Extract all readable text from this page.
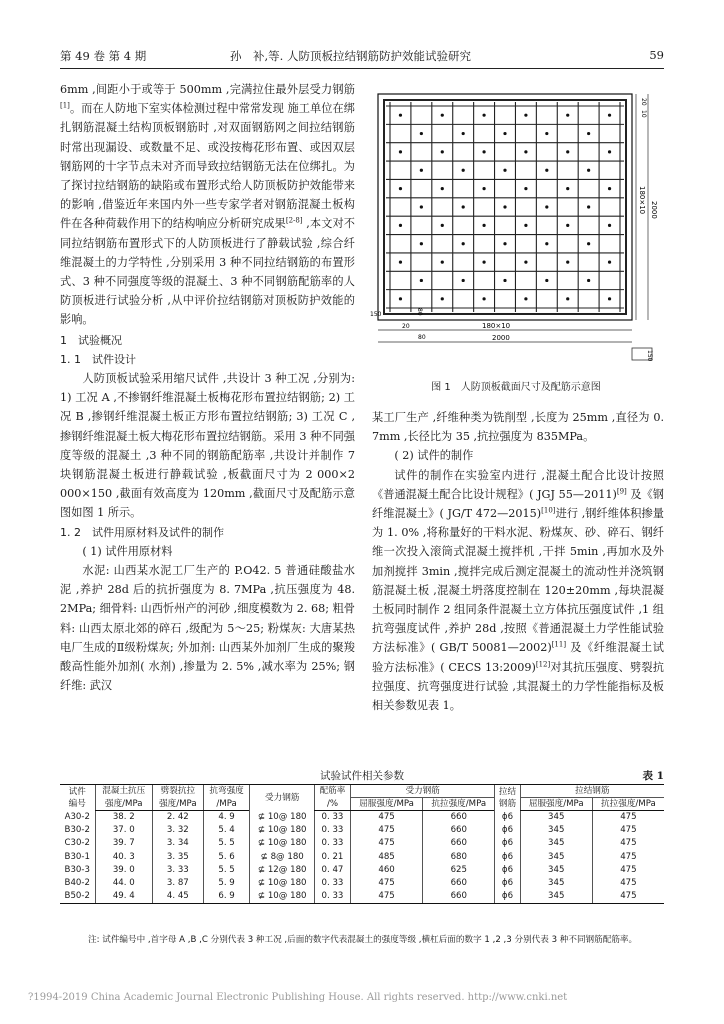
第 49 卷 第 4 期	孙　补,等. 人防顶板拉结钢筋防护效能试验研究	59

6mm ,间距小于或等于 500mm ,完满拉住最外层受力钢筋[1]。而在人防地下室实体检测过程中常常发现 施工单位在绑扎钢筋混凝土结构顶板钢筋时 ,对双面钢筋网之间拉结钢筋时常出现漏设、或数量不足、或没按梅花形布置、或因双层钢筋网的十字节点未对齐而导致拉结钢筋无法在位绑扎。为了探讨拉结钢筋的缺陷或布置形式给人防顶板防护效能带来的影响 ,借鉴近年来国内外一些专家学者对钢筋混凝土板构件在各种荷载作用下的结构响应分析研究成果[2-8] ,本文对不同拉结钢筋布置形式下的人防顶板进行了静载试验 ,综合纤维混凝土的力学特性 ,分别采用 3 种不同拉结钢筋的布置形式、3 种不同强度等级的混凝土、3 种不同钢筋配筋率的人防顶板进行试验分析 ,从中评价拉结钢筋对顶板防护效能的影响。

1　试验概况

1. 1　试件设计

人防顶板试验采用缩尺试件 ,共设计 3 种工况 ,分别为: 1) 工况 A ,不掺钢纤维混凝土板梅花形布置拉结钢筋; 2) 工况 B ,掺钢纤维混凝土板正方形布置拉结钢筋; 3) 工况 C ,掺钢纤维混凝土板大梅花形布置拉结钢筋。采用 3 种不同强度等级的混凝土 ,3 种不同的钢筋配筋率 ,共设计并制作 7 块钢筋混凝土板进行静载试验 ,板截面尺寸为 2 000×2 000×150 ,截面有效高度为 120mm ,截面尺寸及配筋示意图如图 1 所示。

1. 2　试件用原材料及试件的制作

( 1) 试件用原材料

水泥: 山西某水泥工厂生产的 P.O42. 5 普通硅酸盐水泥 ,养护 28d 后的抗折强度为 8. 7MPa ,抗压强度为 48. 2MPa; 细骨料: 山西忻州产的河砂 ,细度模数为 2. 68; 粗骨料: 山西太原北郊的碎石 ,级配为 5～25; 粉煤灰: 大唐某热电厂生成的Ⅱ级粉煤灰; 外加剂: 山西某外加剂厂生成的聚羧酸高性能外加剂( 水剂) ,掺量为 2. 5% ,减水率为 25%; 钢纤维: 武汉

20
10
180×10 2000
180×10
2000
20
80
80
150
150
图 1　人防顶板截面尺寸及配筋示意图

某工厂生产 ,纤维种类为铣削型 ,长度为 25mm ,直径为 0. 7mm ,长径比为 35 ,抗拉强度为 835MPa。

( 2) 试件的制作

试件的制作在实验室内进行 ,混凝土配合比设计按照《普通混凝土配合比设计规程》( JGJ 55—2011)[9] 及《钢纤维混凝土》( JG/T 472—2015)[10]进行 ,钢纤维体积掺量为 1. 0% ,将称量好的干料水泥、粉煤灰、砂、碎石、钢纤维一次投入滚筒式混凝土搅拌机 ,干拌 5min ,再加水及外加剂搅拌 3min ,搅拌完成后测定混凝土的流动性并浇筑钢筋混凝土板 ,混凝土坍落度控制在 120±20mm ,每块混凝土板同时制作 2 组同条件混凝土立方体抗压强度试件 ,1 组抗弯强度试件 ,养护 28d ,按照《普通混凝土力学性能试验方法标准》( GB/T 50081—2002)[11] 及《纤维混凝土试验方法标准》( CECS 13:2009)[12]对其抗压强度、劈裂抗拉强度、抗弯强度进行试验 ,其混凝土的力学性能指标及板相关参数见表 1。

试验试件相关参数	表 1
试件
编号	混凝土抗压	劈裂抗拉	抗弯强度	受力钢筋	配筋率	受力钢筋		拉结
钢筋	拉结钢筋	
	强度/MPa	强度/MPa	/MPa		/%	屈服强度/MPa	抗拉强度/MPa		屈服强度/MPa	抗拉强度/MPa
A30-2	38. 2	2. 42	4. 9	⊈ 10@ 180	0. 33	475	660	ϕ6	345	475
B30-2	37. 0	3. 32	5. 4	⊈ 10@ 180	0. 33	475	660	ϕ6	345	475
C30-2	39. 7	3. 34	5. 5	⊈ 10@ 180	0. 33	475	660	ϕ6	345	475
B30-1	40. 3	3. 35	5. 6	⊈ 8@ 180	0. 21	485	680	ϕ6	345	475
B30-3	39. 0	3. 33	5. 5	⊈ 12@ 180	0. 47	460	625	ϕ6	345	475
B40-2	44. 0	3. 87	5. 9	⊈ 10@ 180	0. 33	475	660	ϕ6	345	475
B50-2	49. 4	4. 45	6. 9	⊈ 10@ 180	0. 33	475	660	ϕ6	345	475
注: 试件编号中 ,首字母 A ,B ,C 分别代表 3 种工况 ,后面的数字代表混凝土的强度等级 ,横杠后面的数字 1 ,2 ,3 分别代表 3 种不同钢筋配筋率。
?1994-2019 China Academic Journal Electronic Publishing House. All rights reserved. http://www.cnki.net
